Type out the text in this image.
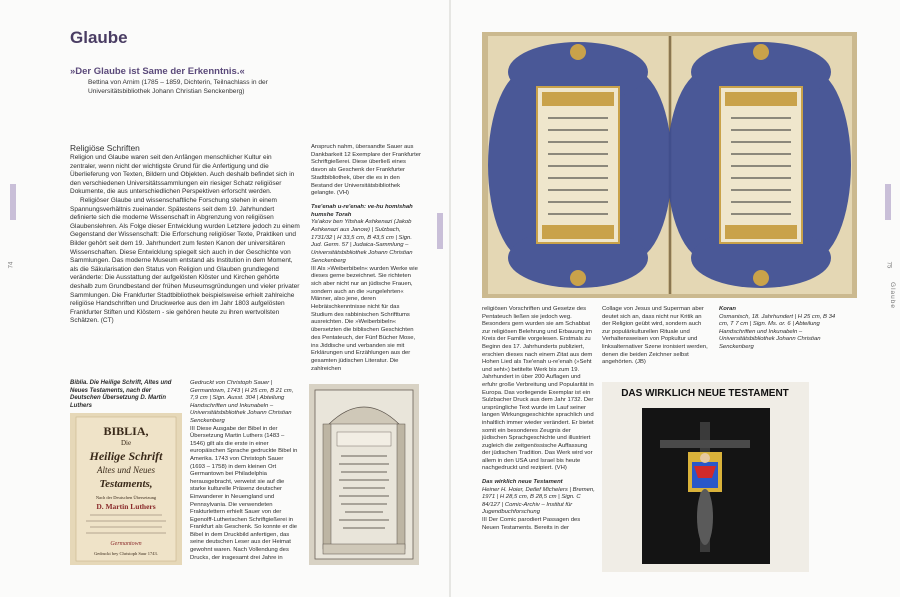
Glaube
»Der Glaube ist Same der Erkenntnis.«
Bettina von Arnim (1785 – 1859, Dichterin, Teilnachlass in der Universitätsbibliothek Johann Christian Senckenberg)
Religiöse Schriften

Religion und Glaube waren seit den Anfängen menschlicher Kultur ein zentraler, wenn nicht der wichtigste Grund für die Anfertigung und die Überlieferung von Texten, Bildern und Objekten. Auch deshalb befindet sich in den verschiedenen Universitätssammlungen ein riesiger Schatz religiöser Dokumente, die aus unterschiedlichen Perspektiven erforscht werden.

Religiöser Glaube und wissenschaftliche Forschung stehen in einem Spannungsverhältnis zueinander. Spätestens seit dem 19. Jahrhundert definierte sich die moderne Wissenschaft in Abgrenzung von religiösen Glaubenslehren. Als Folge dieser Entwicklung wurden Letztere jedoch zu einem Gegenstand der Wissenschaft: Die Erforschung religiöser Texte, Praktiken und Bilder gehört seit dem 19. Jahrhundert zum festen Kanon der universitären Wissenschaften. Diese Entwicklung spiegelt sich auch in der Geschichte von Sammlungen. Das moderne Museum entstand als Institution in dem Moment, als die Säkularisation den Status von Religion und Glauben grundlegend veränderte: Die Ausstattung der aufgelösten Klöster und Kirchen gehörte deshalb zum Grundbestand der frühen Museumsgründungen und vieler privater Sammlungen. Die Frankfurter Stadtbibliothek beispielsweise erhielt zahlreiche religiöse Handschriften und Druckwerke aus den im Jahr 1803 aufgelösten Frankfurter Stiften und Klöstern - sie gehören heute zu ihren wertvollsten Schätzen. (CT)

Anspruch nahm, übersandte Sauer aus Dankbarkeit 12 Exemplare der Frankfurter Schriftgießerei. Diese überließ eines davon als Geschenk der Frankfurter Stadtbibliothek, über die es in den Bestand der Universitätsbibliothek gelangte. (VH)

Tse'enah u-re'enah: ve-hu homishah humshe Torah
Ya'akov ben Yitshak Ashkenazi (Jakob Ashkenazi aus Janow) | Sulzbach, 1731/32 | H 33,5 cm, B 43,5 cm | Sign. Jud. Germ. 57 | Judaica-Sammlung – Universitätsbibliothek Johann Christian Senckenberg
III Als »Weiberbibeln« wurden Werke wie dieses gerne bezeichnet. Sie richteten sich aber nicht nur an jüdische Frauen, sondern auch an die »ungelehrten« Männer, also jene, deren Hebräischkenntnisse nicht für das Studium des rabbinischen Schrifttums ausreichten. Die »Weiberbibeln« übersetzten die biblischen Geschichten des Pentateuch, der Fünf Bücher Mose, ins Jiddische und verbanden sie mit Erklärungen und Erzählungen aus der gesamten jüdischen Literatur. Die zahlreichen
Biblia. Die Heilige Schrift, Altes und Neues Testaments, nach der Deutschen Übersetzung D. Martin Luthers
Gedruckt von Christoph Sauer | Germantown, 1743 | H 25 cm, B 21 cm, 7,9 cm | Sign. Ausst. 304 | Abteilung Handschriften und Inkunabeln – Universitätsbibliothek Johann Christian Senckenberg
III Diese Ausgabe der Bibel in der Übersetzung Martin Luthers (1483 – 1546) gilt als die erste in einer europäischen Sprache gedruckte Bibel in Amerika. 1743 von Christoph Sauer (1693 – 1758) in dem kleinen Ort Germantown bei Philadelphia herausgebracht, verweist sie auf die starke kulturelle Präsenz deutscher Einwanderer in Neuengland und Pennsylvania. Die verwendeten Frakturlettern erhielt Sauer von der Egenolff-Lutherischen Schriftgießerei in Frankfurt als Geschenk. So konnte er die Bibel in dem Druckbild anfertigen, das seine deutschen Leser aus der Heimat gewohnt waren. Nach Vollendung des Drucks, der insgesamt drei Jahre in
BIBLIA,
Die
Heilige Schrift
Altes und Neues
Testaments,
Nach der Deutschen Übersetzung
D. Martin Luthers
Germantown
Gedruckt bey Christoph Saur 1743.
74

religiösen Vorschriften und Gesetze des Pentateuch ließen sie jedoch weg. Besonders gern wurden sie am Schabbat zur religiösen Belehrung und Erbauung im Kreis der Familie vorgelesen. Erstmals zu Beginn des 17. Jahrhunderts publiziert, erschien dieses nach einem Zitat aus dem Hohen Lied als Tse'enah u-re'enah (»Seht und seht«) betitelte Werk bis zum 19. Jahrhundert in über 200 Auflagen und erfuhr große Verbreitung und Popularität in Europa. Das vorliegende Exemplar ist ein Sulzbacher Druck aus dem Jahr 1732. Der ursprüngliche Text wurde im Lauf seiner langen Wirkungsgeschichte sprachlich und inhaltlich immer wieder verändert. Er bietet somit ein besonderes Zeugnis der jüdischen Sprachgeschichte und illustriert zugleich die zeitgenössische Auffassung der jüdischen Tradition. Das Werk wird vor allem in den USA und Israel bis heute nachgedruckt und rezipiert. (VH)

Das wirklich neue Testament
Heiner H. Hoier, Detlef Michelers | Bremen, 1971 | H 28,5 cm, B 28,5 cm | Sign. C 84/127 | Comic-Archiv – Institut für Jugendbuchforschung
III Der Comic parodiert Passagen des Neuen Testaments. Bereits in der

Collage von Jesus und Superman aber deutet sich an, dass nicht nur Kritik an der Religion geübt wird, sondern auch zur populärkulturellen Rituale und Verhaltensweisen von Popkultur und linksalternativer Szene ironisiert werden, denen die beiden Zeichner selbst angehörten. (JB)

Koran
Osmanisch, 18. Jahrhundert | H 25 cm, B 34 cm, T 7 cm | Sign. Ms. or. 6 | Abteilung Handschriften und Inkunabeln – Universitätsbibliothek Johann Christian Senckenberg
DAS WIRKLICH NEUE TESTAMENT
Glaube
75
